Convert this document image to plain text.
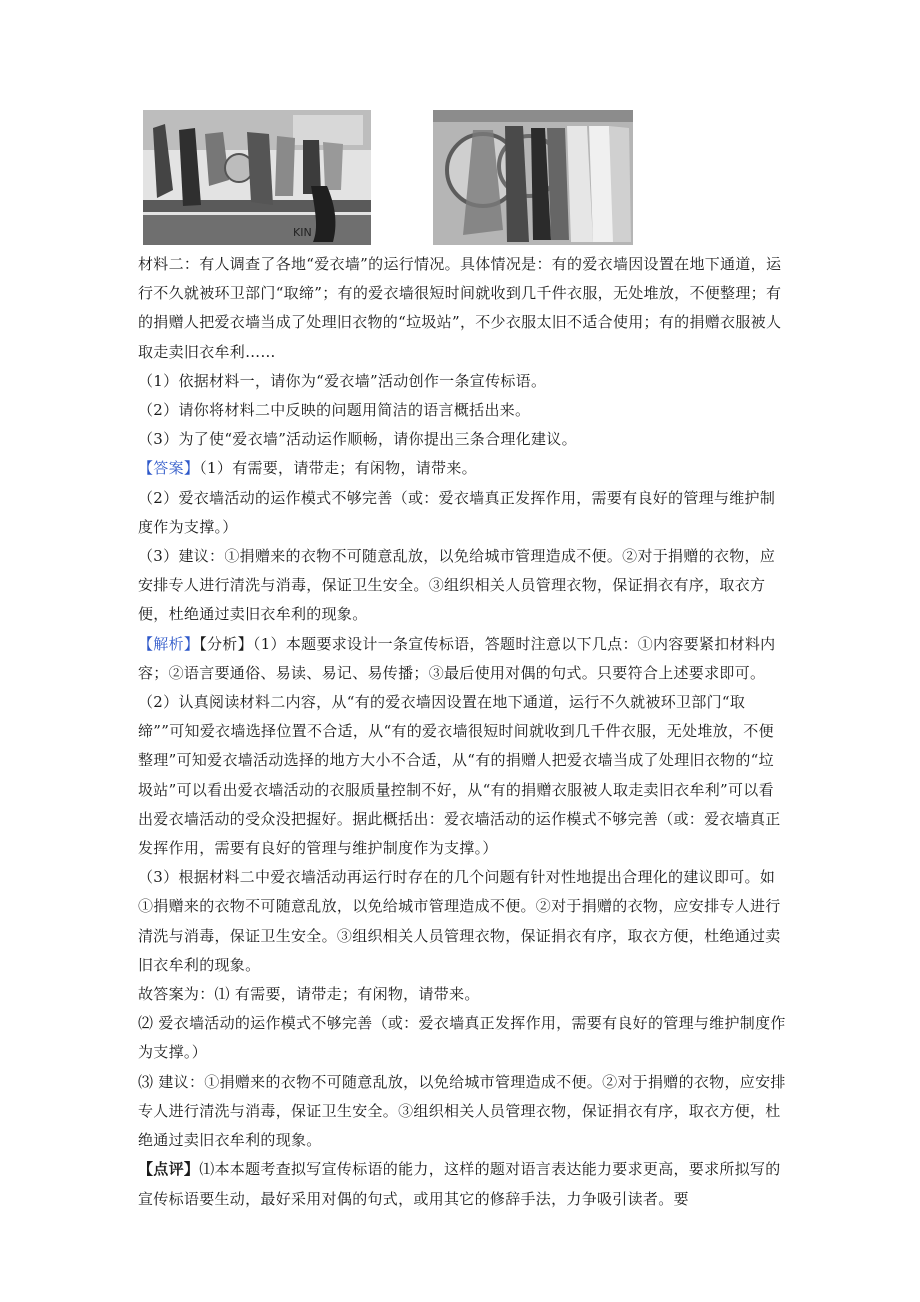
KIN

材料二：有人调查了各地“爱衣墙”的运行情况。具体情况是：有的爱衣墙因设置在地下通道，运行不久就被环卫部门“取缔”；有的爱衣墙很短时间就收到几千件衣服，无处堆放，不便整理；有的捐赠人把爱衣墙当成了处理旧衣物的“垃圾站”，不少衣服太旧不适合使用；有的捐赠衣服被人取走卖旧衣牟利……

（1）依据材料一，请你为“爱衣墙”活动创作一条宣传标语。

（2）请你将材料二中反映的问题用简洁的语言概括出来。

（3）为了使“爱衣墙”活动运作顺畅，请你提出三条合理化建议。

【答案】（1）有需要，请带走；有闲物，请带来。

（2）爱衣墙活动的运作模式不够完善（或：爱衣墙真正发挥作用，需要有良好的管理与维护制度作为支撑。）

（3）建议：①捐赠来的衣物不可随意乱放，以免给城市管理造成不便。②对于捐赠的衣物，应安排专人进行清洗与消毒，保证卫生安全。③组织相关人员管理衣物，保证捐衣有序，取衣方便，杜绝通过卖旧衣牟利的现象。

【解析】【分析】（1）本题要求设计一条宣传标语，答题时注意以下几点：①内容要紧扣材料内容；②语言要通俗、易读、易记、易传播；③最后使用对偶的句式。只要符合上述要求即可。

（2）认真阅读材料二内容，从“有的爱衣墙因设置在地下通道，运行不久就被环卫部门“取缔””可知爱衣墙选择位置不合适，从“有的爱衣墙很短时间就收到几千件衣服，无处堆放，不便整理”可知爱衣墙活动选择的地方大小不合适，从“有的捐赠人把爱衣墙当成了处理旧衣物的“垃圾站”可以看出爱衣墙活动的衣服质量控制不好，从“有的捐赠衣服被人取走卖旧衣牟利”可以看出爱衣墙活动的受众没把握好。据此概括出：爱衣墙活动的运作模式不够完善（或：爱衣墙真正发挥作用，需要有良好的管理与维护制度作为支撑。）

（3）根据材料二中爱衣墙活动再运行时存在的几个问题有针对性地提出合理化的建议即可。如 ①捐赠来的衣物不可随意乱放，以免给城市管理造成不便。②对于捐赠的衣物，应安排专人进行清洗与消毒，保证卫生安全。③组织相关人员管理衣物，保证捐衣有序，取衣方便，杜绝通过卖旧衣牟利的现象。

故答案为：⑴ 有需要，请带走；有闲物，请带来。

⑵ 爱衣墙活动的运作模式不够完善（或：爱衣墙真正发挥作用，需要有良好的管理与维护制度作为支撑。）

⑶ 建议：①捐赠来的衣物不可随意乱放，以免给城市管理造成不便。②对于捐赠的衣物，应安排专人进行清洗与消毒，保证卫生安全。③组织相关人员管理衣物，保证捐衣有序，取衣方便，杜绝通过卖旧衣牟利的现象。

【点评】⑴本本题考查拟写宣传标语的能力，这样的题对语言表达能力要求更高，要求所拟写的宣传标语要生动，最好采用对偶的句式，或用其它的修辞手法，力争吸引读者。要
